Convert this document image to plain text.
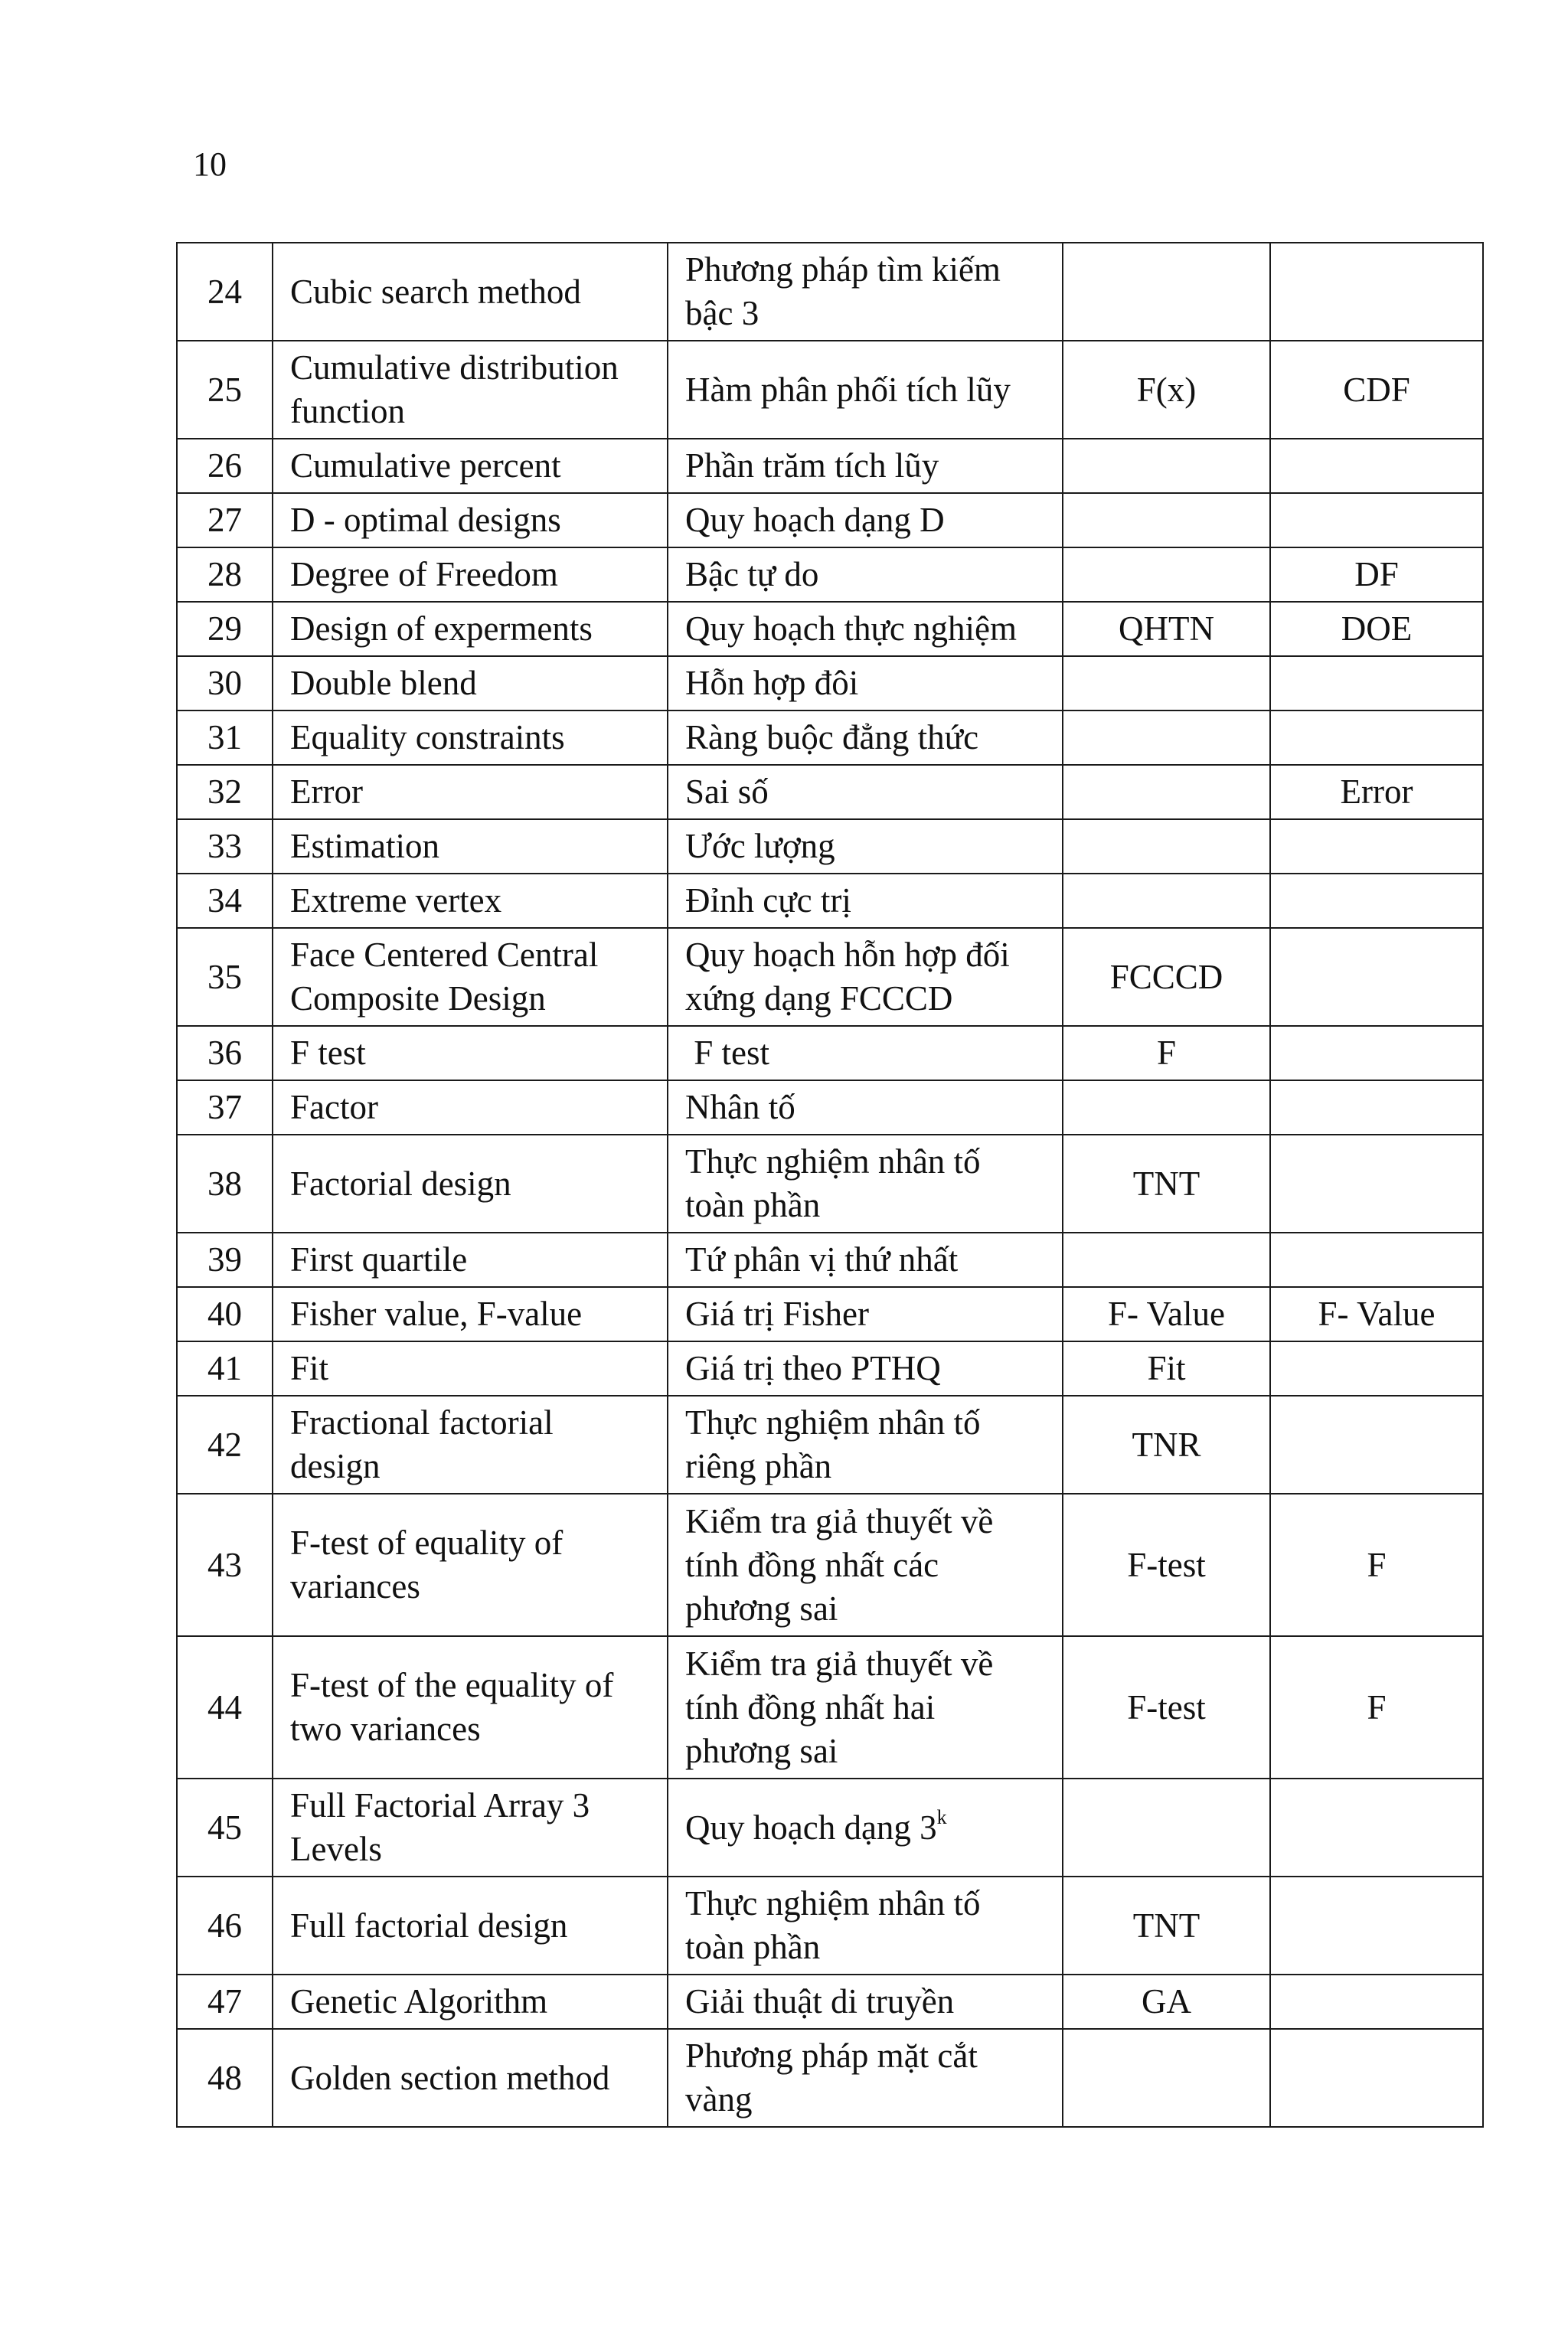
10
24	Cubic search method	Phương pháp tìm kiếm bậc 3		
25	Cumulative distribution function	Hàm phân phối tích lũy	F(x)	CDF
26	Cumulative percent	Phần trăm tích lũy		
27	D - optimal designs	Quy hoạch dạng D		
28	Degree of Freedom	Bậc tự do		DF
29	Design of experments	Quy hoạch thực nghiệm	QHTN	DOE
30	Double blend	Hỗn hợp đôi		
31	Equality constraints	Ràng buộc đẳng thức		
32	Error	Sai số		Error
33	Estimation	Ước lượng		
34	Extreme vertex	Đỉnh cực trị		
35	Face Centered Central Composite Design	Quy hoạch hỗn hợp đối xứng dạng FCCCD	FCCCD	
36	F test	F test	F	
37	Factor	Nhân tố		
38	Factorial design	Thực nghiệm nhân tố toàn phần	TNT	
39	First quartile	Tứ phân vị thứ nhất		
40	Fisher value, F-value	Giá trị Fisher	F- Value	F- Value
41	Fit	Giá trị theo PTHQ	Fit	
42	Fractional factorial design	Thực nghiệm nhân tố riêng phần	TNR	
43	F-test of equality of variances	Kiểm tra giả thuyết về tính đồng nhất các phương sai	F-test	F
44	F-test of the equality of two variances	Kiểm tra giả thuyết về tính đồng nhất hai phương sai	F-test	F
45	Full Factorial Array 3 Levels	Quy hoạch dạng 3$^k$		
46	Full factorial design	Thực nghiệm nhân tố toàn phần	TNT	
47	Genetic Algorithm	Giải thuật di truyền	GA	
48	Golden section method	Phương pháp mặt cắt vàng		
